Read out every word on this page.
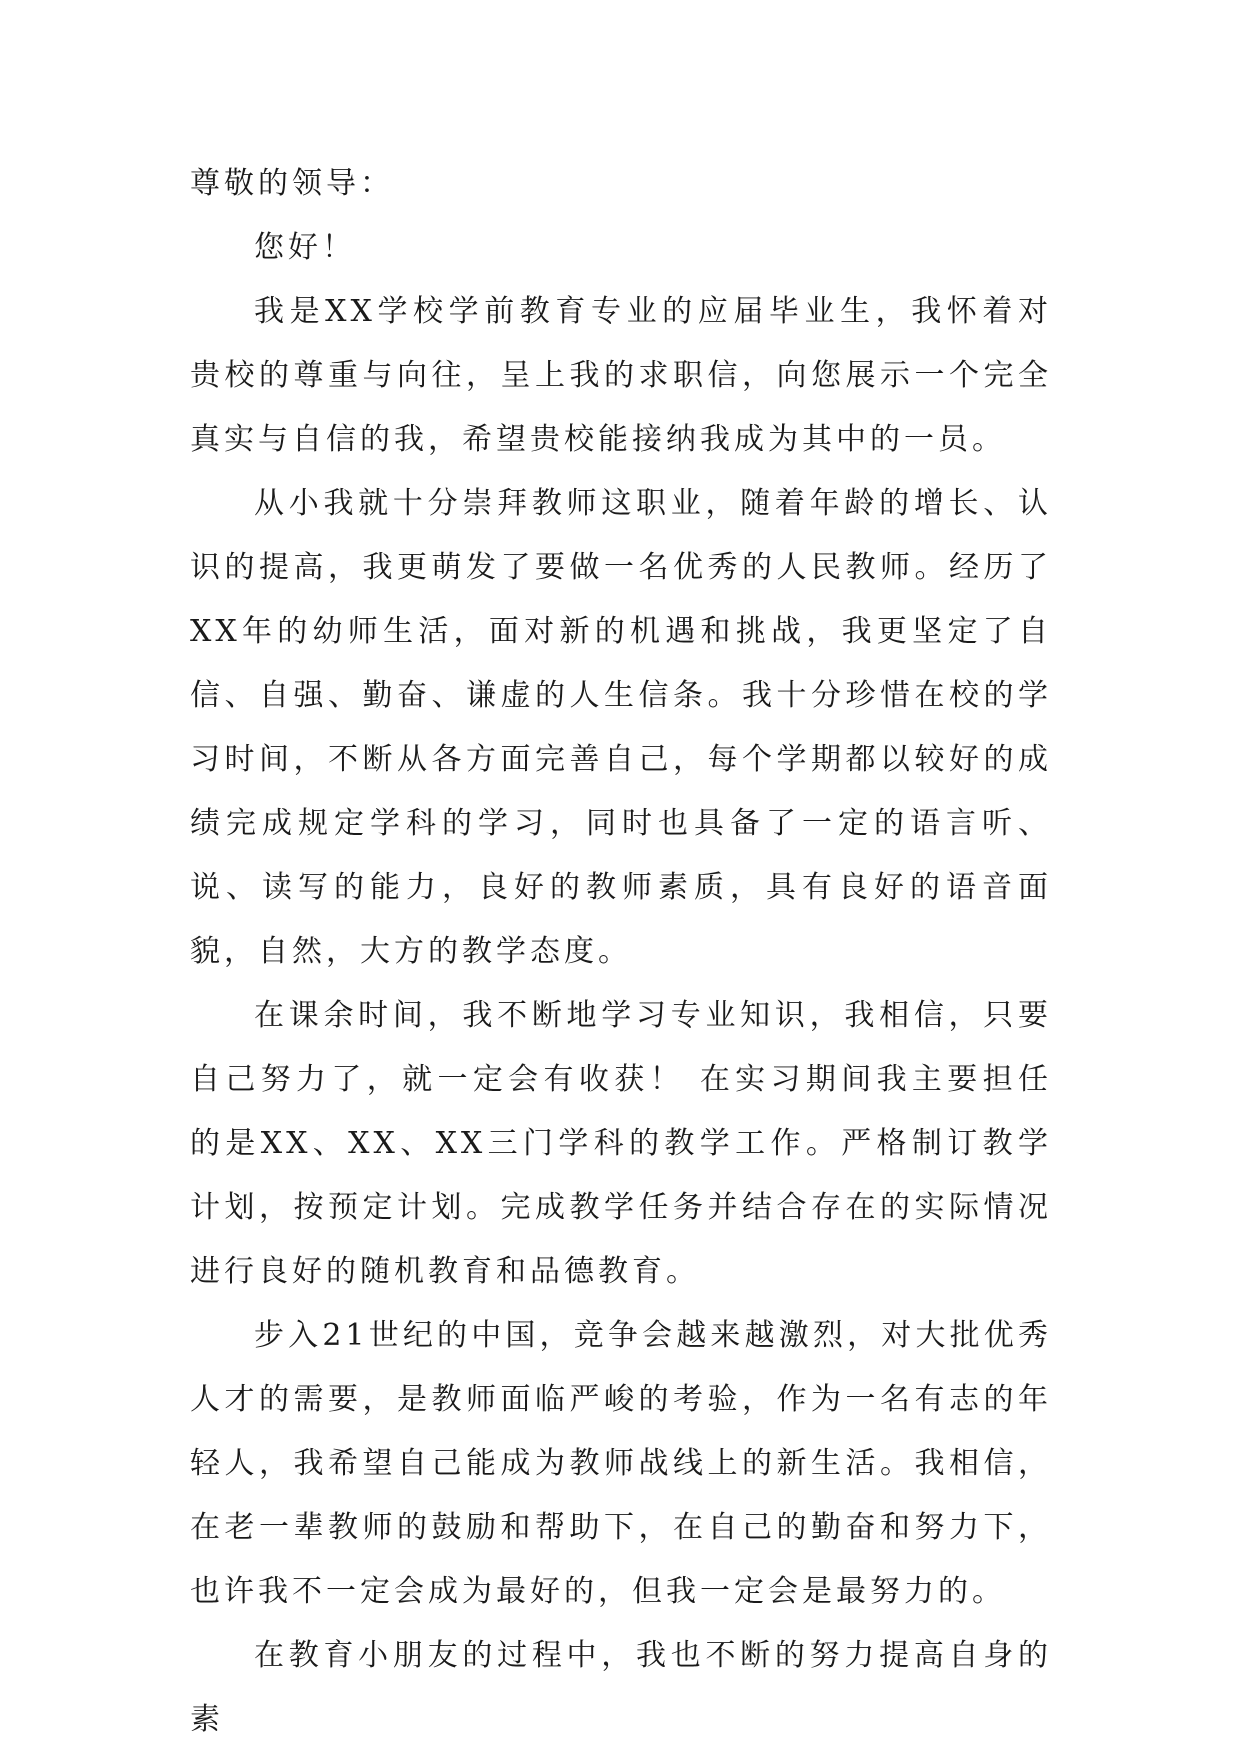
尊敬的领导：

您好！

我是XX学校学前教育专业的应届毕业生，我怀着对贵校的尊重与向往，呈上我的求职信，向您展示一个完全真实与自信的我，希望贵校能接纳我成为其中的一员。

从小我就十分崇拜教师这职业，随着年龄的增长、认识的提高，我更萌发了要做一名优秀的人民教师。经历了XX年的幼师生活，面对新的机遇和挑战，我更坚定了自信、自强、勤奋、谦虚的人生信条。我十分珍惜在校的学习时间，不断从各方面完善自己，每个学期都以较好的成绩完成规定学科的学习，同时也具备了一定的语言听、说、读写的能力，良好的教师素质，具有良好的语音面貌，自然，大方的教学态度。

在课余时间，我不断地学习专业知识，我相信，只要自己努力了，就一定会有收获！ 在实习期间我主要担任的是XX、XX、XX三门学科的教学工作。严格制订教学计划，按预定计划。完成教学任务并结合存在的实际情况进行良好的随机教育和品德教育。

步入21世纪的中国，竞争会越来越激烈，对大批优秀人才的需要，是教师面临严峻的考验，作为一名有志的年轻人，我希望自己能成为教师战线上的新生活。我相信，在老一辈教师的鼓励和帮助下，在自己的勤奋和努力下，也许我不一定会成为最好的，但我一定会是最努力的。

在教育小朋友的过程中，我也不断的努力提高自身的素
